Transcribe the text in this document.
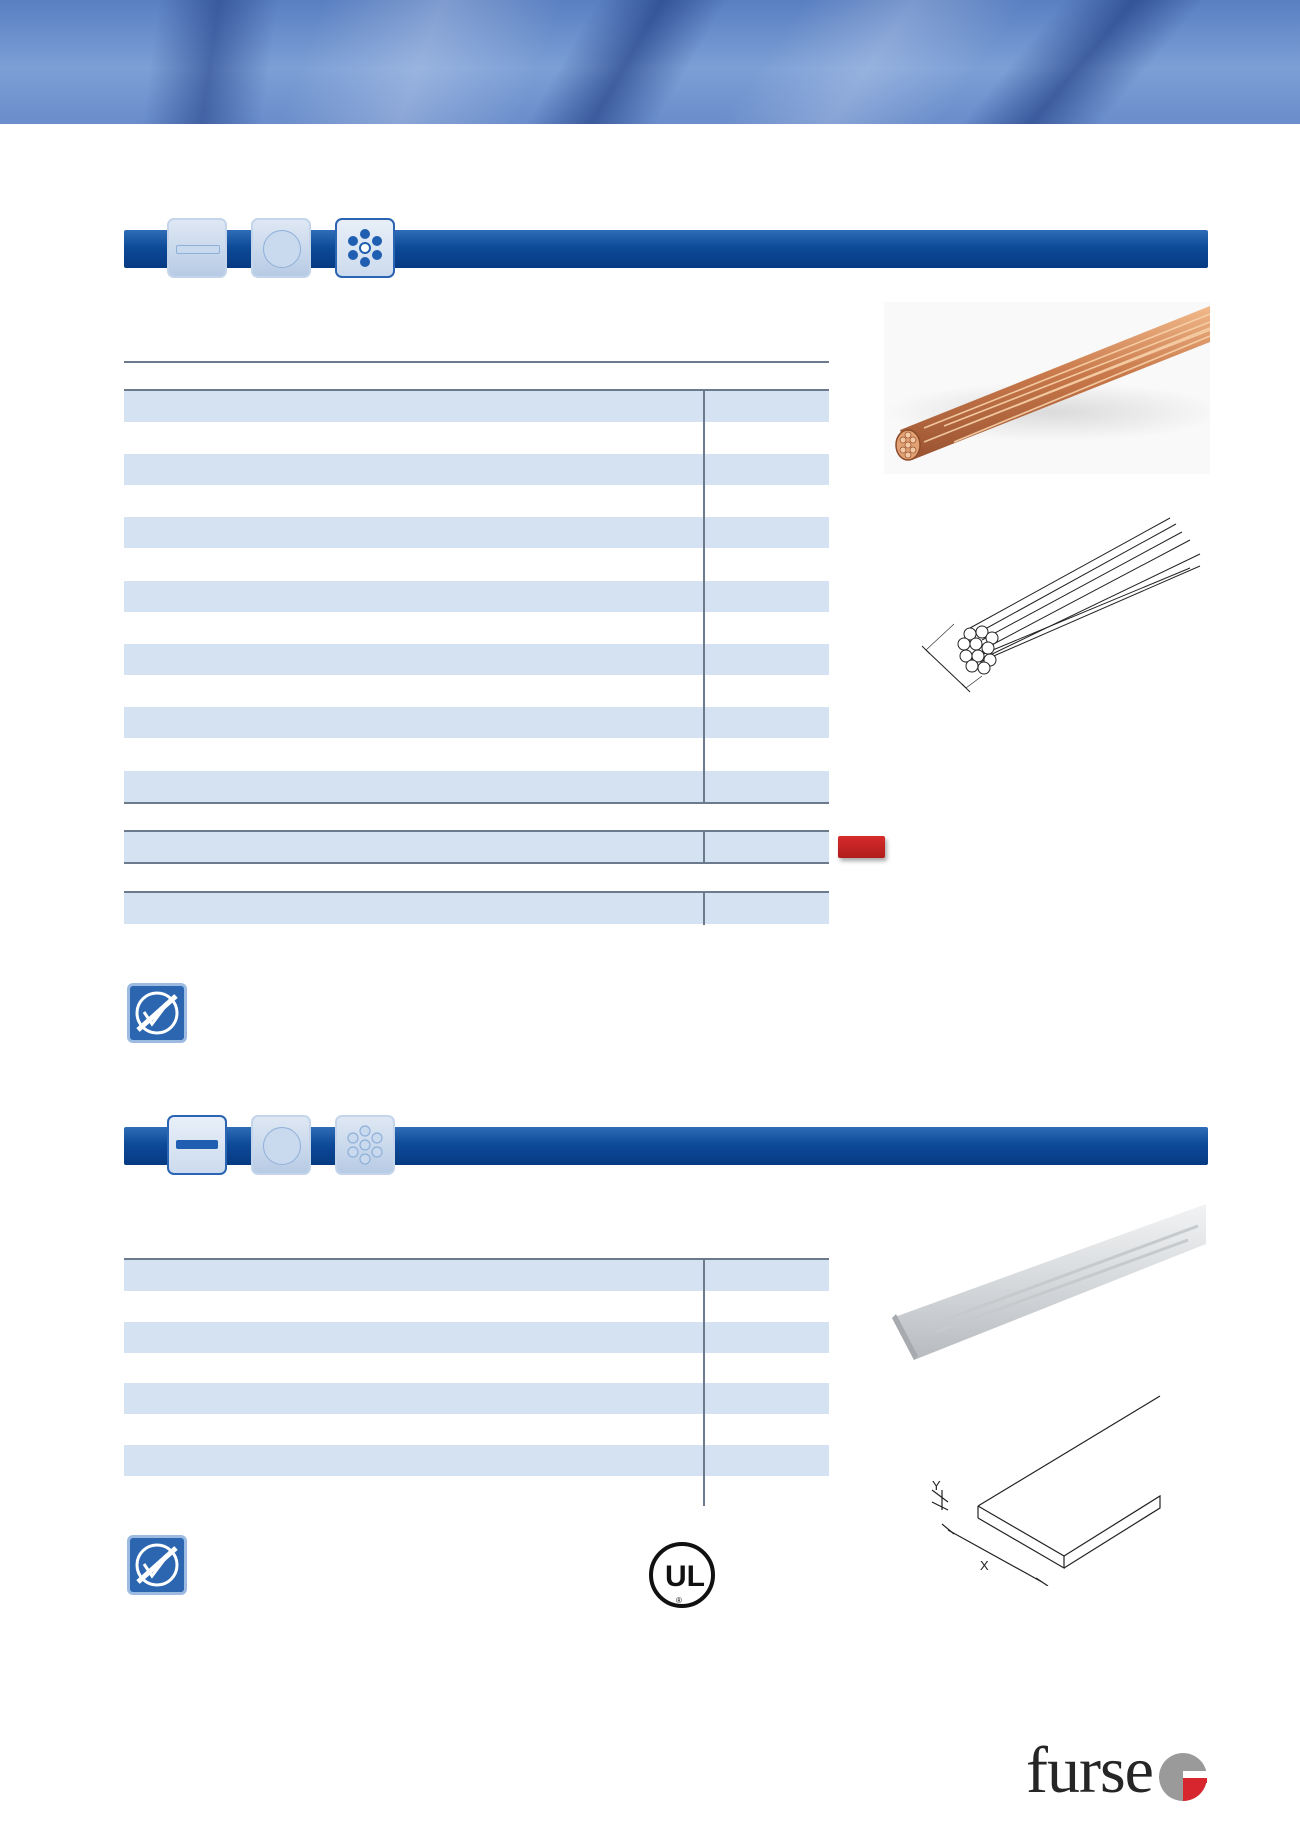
Y
X
UL
®
furse
